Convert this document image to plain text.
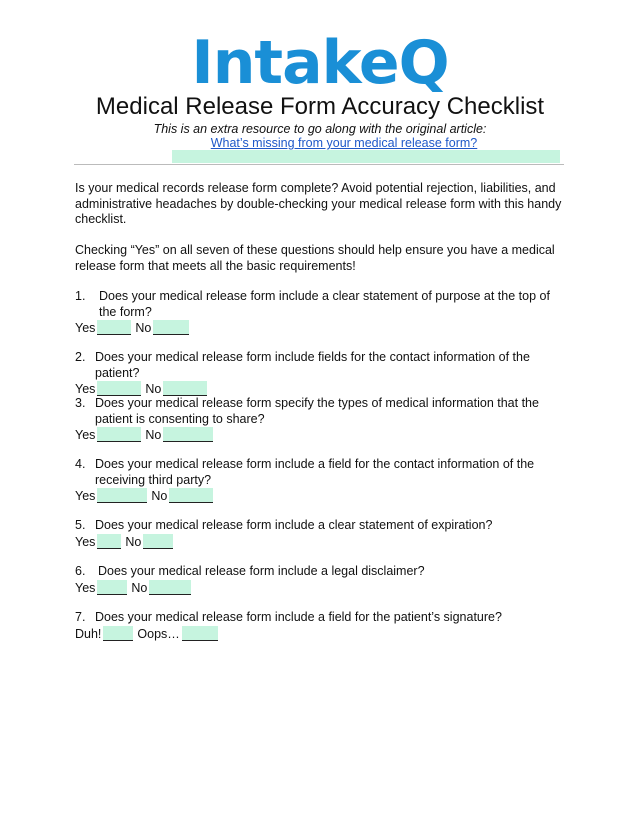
IntakeQ
Medical Release Form Accuracy Checklist
This is an extra resource to go along with the original article:
What’s missing from your medical release form?

Is your medical records release form complete? Avoid potential rejection, liabilities, and administrative headaches by double-checking your medical release form with this handy checklist.

Checking “Yes” on all seven of these questions should help ensure you have a medical release form that meets all the basic requirements!

1.	Does your medical release form include a clear statement of purpose at the top of the form?
Yes	No
2. Does your medical release form include fields for the contact information of the patient?
Yes	No
3. Does your medical release form specify the types of medical information that the patient is consenting to share?
Yes	No
4. Does your medical release form include a field for the contact information of the receiving third party?
Yes	No
5. Does your medical release form include a clear statement of expiration?
Yes No
6.	Does your medical release form include a legal disclaimer?
Yes	No
7. Does your medical release form include a field for the patient’s signature?
Duh!	Oops…
